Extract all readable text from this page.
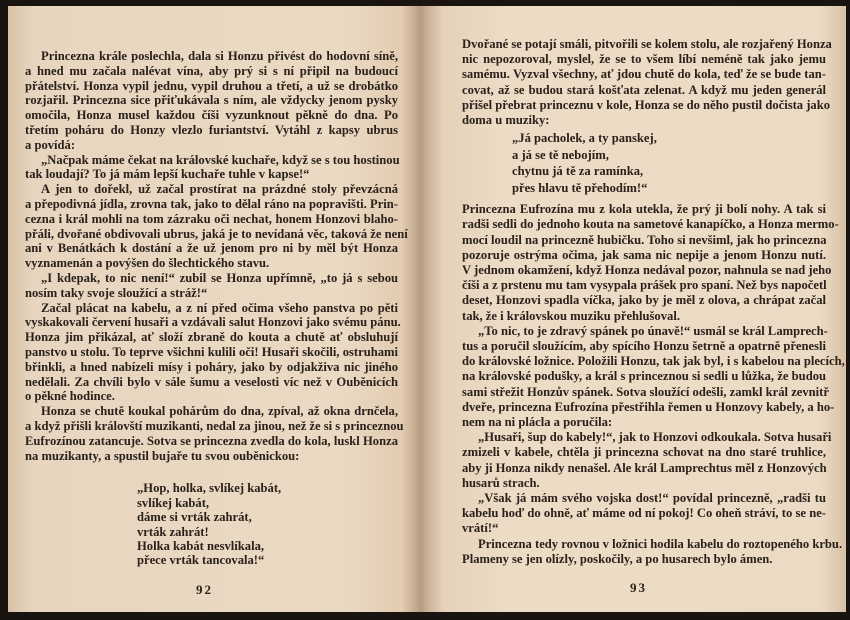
Princezna krále poslechla, dala si Honzu přivést do hodovní síně,
a hned mu začala nalévat vína, aby prý si s ní připil na budoucí
přátelství. Honza vypil jednu, vypil druhou a třetí, a už se drobátko
rozjařil. Princezna sice přiťukávala s ním, ale vždycky jenom pysky
omočila, Honza musel každou číši vyzunknout pěkně do dna. Po
třetím poháru do Honzy vlezlo furiantství. Vytáhl z kapsy ubrus
a povídá:
„Načpak máme čekat na královské kuchaře, když se s tou hostinou
tak loudají? To já mám lepší kuchaře tuhle v kapse!“
A jen to dořekl, už začal prostírat na prázdné stoly převzácná
a přepodivná jídla, zrovna tak, jako to dělal ráno na popravišti. Prin-
cezna i král mohli na tom zázraku oči nechat, honem Honzovi blaho-
přáli, dvořané obdivovali ubrus, jaká je to nevídaná věc, taková že není
ani v Benátkách k dostání a že už jenom pro ni by měl být Honza
vyznamenán a povýšen do šlechtického stavu.
„I kdepak, to nic není!“ zubil se Honza upřímně, „to já s sebou
nosím taky svoje sloužící a stráž!“
Začal plácat na kabelu, a z ní před očima všeho panstva po pěti
vyskakovali červení husaři a vzdávali salut Honzovi jako svému pánu.
Honza jim přikázal, ať složí zbraně do kouta a chutě ať obsluhují
panstvo u stolu. To teprve všichni kulili oči! Husaři skočili, ostruhami
břinkli, a hned nabízeli mísy i poháry, jako by odjakživa nic jiného
nedělali. Za chvíli bylo v sále šumu a veselosti víc než v Ouběnicích
o pěkné hodince.
Honza se chutě koukal pohárům do dna, zpíval, až okna drnčela,
a když přišli královští muzikanti, nedal za jinou, než že si s princeznou
Eufrozínou zatancuje. Sotva se princezna zvedla do kola, luskl Honza
na muzikanty, a spustil bujaře tu svou ouběnickou:
„Hop, holka, svlíkej kabát,
svlíkej kabát,
dáme si vrták zahrát,
vrták zahrát!
Holka kabát nesvlíkala,
přece vrták tancovala!“
92
Dvořané se potají smáli, pitvořili se kolem stolu, ale rozjařený Honza
nic nepozoroval, myslel, že se to všem líbí neméně tak jako jemu
samému. Vyzval všechny, ať jdou chutě do kola, teď že se bude tan-
covat, až se budou stará košťata zelenat. A když mu jeden generál
přišel přebrat princeznu v kole, Honza se do něho pustil dočista jako
doma u muziky:
„Já pacholek, a ty panskej,
a já se tě nebojím,
chytnu já tě za ramínka,
přes hlavu tě přehodím!“
Princezna Eufrozína mu z kola utekla, že prý ji bolí nohy. A tak si
radši sedli do jednoho kouta na sametové kanapíčko, a Honza mermo-
mocí loudil na princezně hubičku. Toho si nevšiml, jak ho princezna
pozoruje ostrýma očima, jak sama nic nepije a jenom Honzu nutí.
V jednom okamžení, když Honza nedával pozor, nahnula se nad jeho
číši a z prstenu mu tam vysypala prášek pro spaní. Než bys napočetl
deset, Honzovi spadla víčka, jako by je měl z olova, a chrápat začal
tak, že i královskou muziku přehlušoval.
„To nic, to je zdravý spánek po únavě!“ usmál se král Lamprech-
tus a poručil sloužícím, aby spícího Honzu šetrně a opatrně přenesli
do královské ložnice. Položili Honzu, tak jak byl, i s kabelou na plecích,
na královské podušky, a král s princeznou si sedli u lůžka, že budou
sami střežit Honzův spánek. Sotva sloužící odešli, zamkl král zevnitř
dveře, princezna Eufrozína přestřihla řemen u Honzovy kabely, a ho-
nem na ni plácla a poručila:
„Husaři, šup do kabely!“, jak to Honzovi odkoukala. Sotva husaři
zmizeli v kabele, chtěla ji princezna schovat na dno staré truhlice,
aby ji Honza nikdy nenašel. Ale král Lamprechtus měl z Honzových
husarů strach.
„Však já mám svého vojska dost!“ povídal princezně, „radši tu
kabelu hoď do ohně, ať máme od ní pokoj! Co oheň stráví, to se ne-
vrátí!“
Princezna tedy rovnou v ložnici hodila kabelu do roztopeného krbu.
Plameny se jen olízly, poskočily, a po husarech bylo ámen.
93
